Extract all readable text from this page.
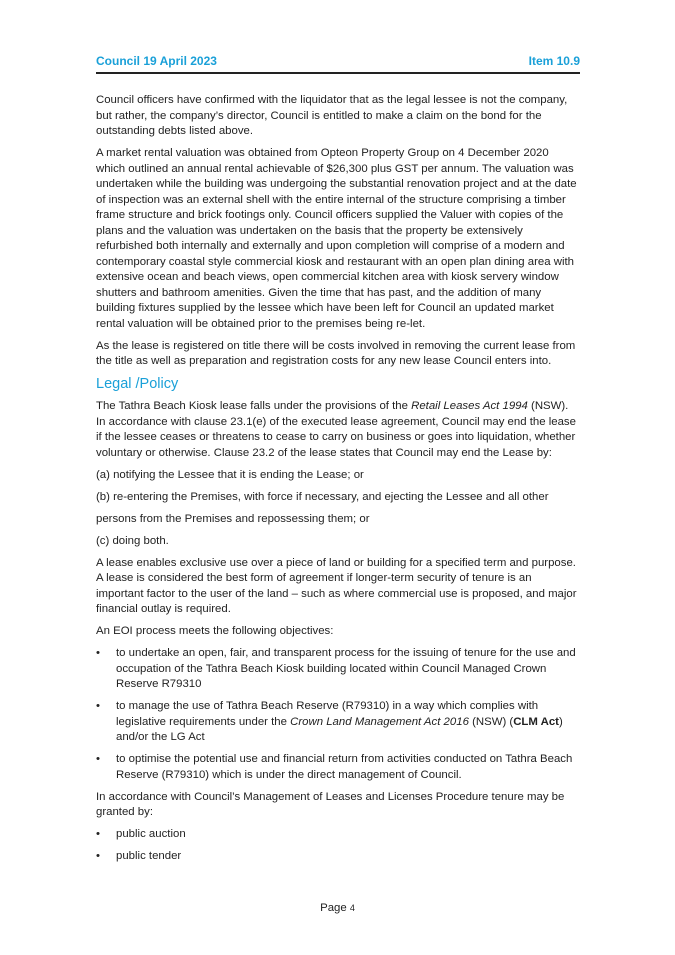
Council 19 April 2023	Item 10.9

Council officers have confirmed with the liquidator that as the legal lessee is not the company, but rather, the company’s director, Council is entitled to make a claim on the bond for the outstanding debts listed above.

A market rental valuation was obtained from Opteon Property Group on 4 December 2020 which outlined an annual rental achievable of $26,300 plus GST per annum. The valuation was undertaken while the building was undergoing the substantial renovation project and at the date of inspection was an external shell with the entire internal of the structure comprising a timber frame structure and brick footings only. Council officers supplied the Valuer with copies of the plans and the valuation was undertaken on the basis that the property be extensively refurbished both internally and externally and upon completion will comprise of a modern and contemporary coastal style commercial kiosk and restaurant with an open plan dining area with extensive ocean and beach views, open commercial kitchen area with kiosk servery window shutters and bathroom amenities. Given the time that has past, and the addition of many building fixtures supplied by the lessee which have been left for Council an updated market rental valuation will be obtained prior to the premises being re-let.

As the lease is registered on title there will be costs involved in removing the current lease from the title as well as preparation and registration costs for any new lease Council enters into.

Legal /Policy

The Tathra Beach Kiosk lease falls under the provisions of the Retail Leases Act 1994 (NSW). In accordance with clause 23.1(e) of the executed lease agreement, Council may end the lease if the lessee ceases or threatens to cease to carry on business or goes into liquidation, whether voluntary or otherwise. Clause 23.2 of the lease states that Council may end the Lease by:

(a) notifying the Lessee that it is ending the Lease; or

(b) re-entering the Premises, with force if necessary, and ejecting the Lessee and all other

persons from the Premises and repossessing them; or

(c) doing both.

A lease enables exclusive use over a piece of land or building for a specified term and purpose. A lease is considered the best form of agreement if longer-term security of tenure is an important factor to the user of the land – such as where commercial use is proposed, and major financial outlay is required.

An EOI process meets the following objectives:

•	to undertake an open, fair, and transparent process for the issuing of tenure for the use and occupation of the Tathra Beach Kiosk building located within Council Managed Crown Reserve R79310
•	to manage the use of Tathra Beach Reserve (R79310) in a way which complies with legislative requirements under the Crown Land Management Act 2016 (NSW) (CLM Act) and/or the LG Act
•	to optimise the potential use and financial return from activities conducted on Tathra Beach Reserve (R79310) which is under the direct management of Council.

In accordance with Council’s Management of Leases and Licenses Procedure tenure may be granted by:

•	public auction
•	public tender
Page 4
